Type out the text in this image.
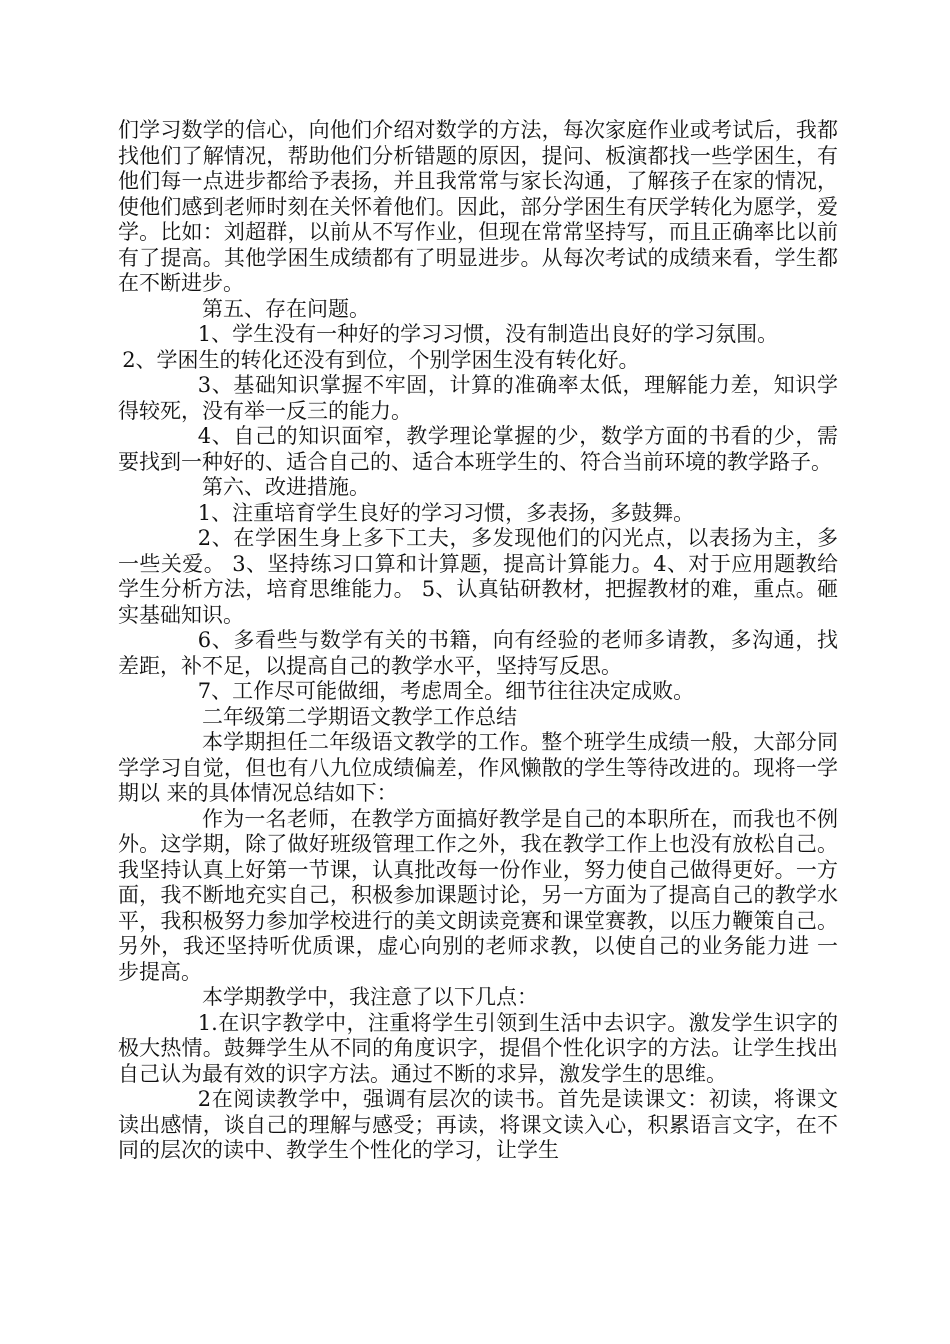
们学习数学的信心，向他们介绍对数学的方法，每次家庭作业或考试后，我都找他们了解情况，帮助他们分析错题的原因，提问、板演都找一些学困生，有他们每一点进步都给予表扬，并且我常常与家长沟通，了解孩子在家的情况，使他们感到老师时刻在关怀着他们。因此，部分学困生有厌学转化为愿学，爱学。比如：刘超群，以前从不写作业，但现在常常坚持写，而且正确率比以前有了提高。其他学困生成绩都有了明显进步。从每次考试的成绩来看，学生都在不断进步。

第五、存在问题。

1、学生没有一种好的学习习惯，没有制造出良好的学习氛围。

2、学困生的转化还没有到位，个别学困生没有转化好。

3、基础知识掌握不牢固，计算的准确率太低，理解能力差，知识学得较死，没有举一反三的能力。

4、自己的知识面窄，教学理论掌握的少，数学方面的书看的少，需要找到一种好的、适合自己的、适合本班学生的、符合当前环境的教学路子。

第六、改进措施。

1、注重培育学生良好的学习习惯，多表扬，多鼓舞。

2、在学困生身上多下工夫，多发现他们的闪光点，以表扬为主，多一些关爱。 3、坚持练习口算和计算题，提高计算能力。4、对于应用题教给学生分析方法，培育思维能力。 5、认真钻研教材，把握教材的难，重点。砸实基础知识。

6、多看些与数学有关的书籍，向有经验的老师多请教，多沟通，找差距，补不足，以提高自己的教学水平，坚持写反思。

7、工作尽可能做细，考虑周全。细节往往决定成败。

二年级第二学期语文教学工作总结

本学期担任二年级语文教学的工作。整个班学生成绩一般，大部分同学学习自觉，但也有八九位成绩偏差，作风懒散的学生等待改进的。现将一学期以 来的具体情况总结如下：

作为一名老师，在教学方面搞好教学是自己的本职所在，而我也不例外。这学期，除了做好班级管理工作之外，我在教学工作上也没有放松自己。我坚持认真上好第一节课，认真批改每一份作业，努力使自己做得更好。一方面，我不断地充实自己，积极参加课题讨论，另一方面为了提高自己的教学水平，我积极努力参加学校进行的美文朗读竞赛和课堂赛教，以压力鞭策自己。另外，我还坚持听优质课，虚心向别的老师求教，以使自己的业务能力进 一步提高。

本学期教学中，我注意了以下几点：

1.在识字教学中，注重将学生引领到生活中去识字。激发学生识字的极大热情。鼓舞学生从不同的角度识字，提倡个性化识字的方法。让学生找出自己认为最有效的识字方法。通过不断的求异，激发学生的思维。

2在阅读教学中，强调有层次的读书。首先是读课文：初读，将课文读出感情，谈自己的理解与感受；再读，将课文读入心，积累语言文字，在不同的层次的读中、教学生个性化的学习，让学生
